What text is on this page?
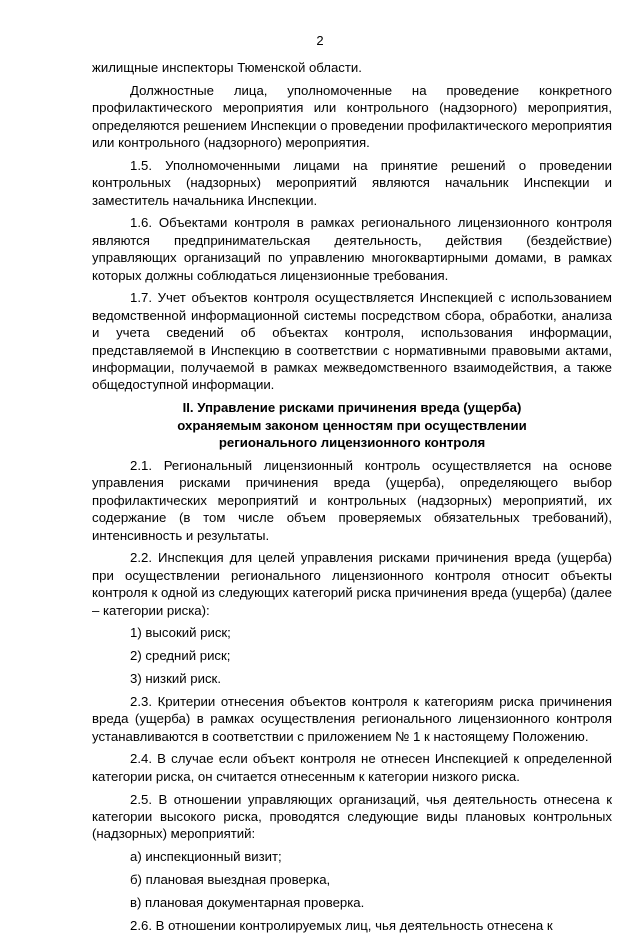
2

жилищные инспекторы Тюменской области.

Должностные лица, уполномоченные на проведение конкретного профилактического мероприятия или контрольного (надзорного) мероприятия, определяются решением Инспекции о проведении профилактического мероприятия или контрольного (надзорного) мероприятия.

1.5. Уполномоченными лицами на принятие решений о проведении контрольных (надзорных) мероприятий являются начальник Инспекции и заместитель начальника Инспекции.

1.6. Объектами контроля в рамках регионального лицензионного контроля являются предпринимательская деятельность, действия (бездействие) управляющих организаций по управлению многоквартирными домами, в рамках которых должны соблюдаться лицензионные требования.

1.7. Учет объектов контроля осуществляется Инспекцией с использованием ведомственной информационной системы посредством сбора, обработки, анализа и учета сведений об объектах контроля, использования информации, представляемой в Инспекцию в соответствии с нормативными правовыми актами, информации, получаемой в рамках межведомственного взаимодействия, а также общедоступной информации.

II. Управление рисками причинения вреда (ущерба)
охраняемым законом ценностям при осуществлении
регионального лицензионного контроля

2.1. Региональный лицензионный контроль осуществляется на основе управления рисками причинения вреда (ущерба), определяющего выбор профилактических мероприятий и контрольных (надзорных) мероприятий, их содержание (в том числе объем проверяемых обязательных требований), интенсивность и результаты.

2.2. Инспекция для целей управления рисками причинения вреда (ущерба) при осуществлении регионального лицензионного контроля относит объекты контроля к одной из следующих категорий риска причинения вреда (ущерба) (далее – категории риска):

1) высокий риск;

2) средний риск;

3) низкий риск.

2.3. Критерии отнесения объектов контроля к категориям риска причинения вреда (ущерба) в рамках осуществления регионального лицензионного контроля устанавливаются в соответствии с приложением № 1 к настоящему Положению.

2.4. В случае если объект контроля не отнесен Инспекцией к определенной категории риска, он считается отнесенным к категории низкого риска.

2.5. В отношении управляющих организаций, чья деятельность отнесена к категории высокого риска, проводятся следующие виды плановых контрольных (надзорных) мероприятий:

а) инспекционный визит;

б) плановая выездная проверка,

в) плановая документарная проверка.

2.6. В отношении контролируемых лиц, чья деятельность отнесена к
